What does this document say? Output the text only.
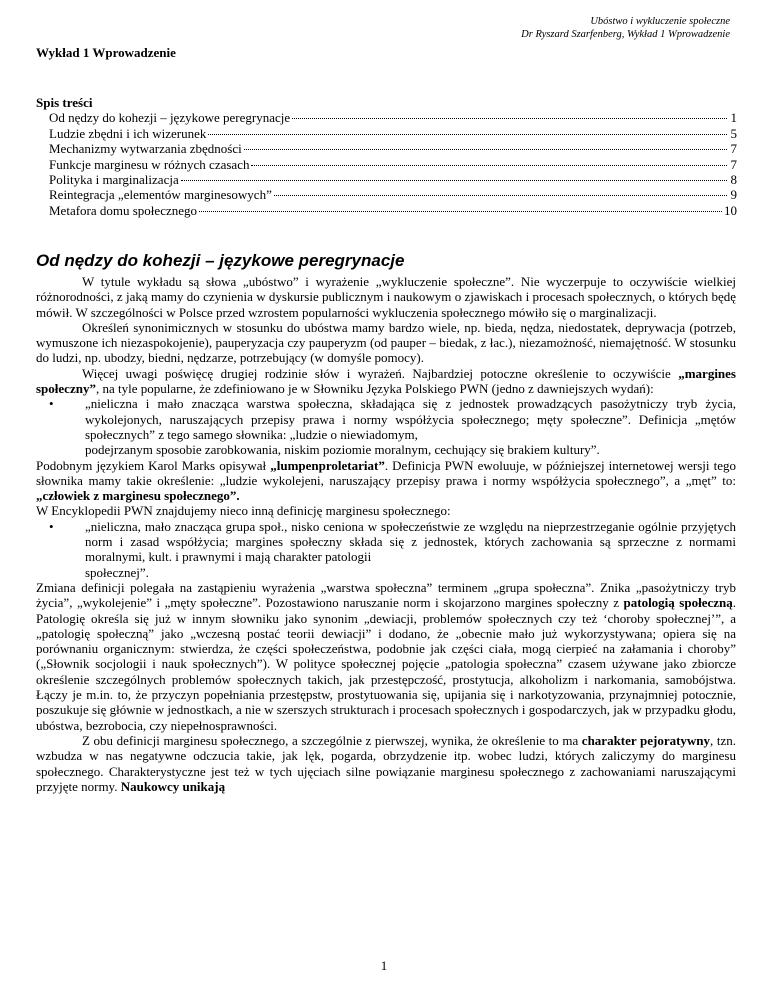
Ubóstwo i wykluczenie społeczne
Dr Ryszard Szarfenberg, Wykład 1 Wprowadzenie
Wykład 1 Wprowadzenie
Spis treści
Od nędzy do kohezji – językowe peregrynacje	1
Ludzie zbędni i ich wizerunek	5
Mechanizmy wytwarzania zbędności	7
Funkcje marginesu w różnych czasach	7
Polityka i marginalizacja	8
Reintegracja „elementów marginesowych”	9
Metafora domu społecznego	10
Od nędzy do kohezji – językowe peregrynacje

W tytule wykładu są słowa „ubóstwo” i wyrażenie „wykluczenie społeczne”. Nie wyczerpuje to oczywiście wielkiej różnorodności, z jaką mamy do czynienia w dyskursie publicznym i naukowym o zjawiskach i procesach społecznych, o których będę mówił. W szczególności w Polsce przed wzrostem popularności wykluczenia społecznego mówiło się o marginalizacji.

Określeń synonimicznych w stosunku do ubóstwa mamy bardzo wiele, np. bieda, nędza, niedostatek, deprywacja (potrzeb, wymuszone ich niezaspokojenie), pauperyzacja czy pauperyzm (od pauper – biedak, z łac.), niezamożność, niemajętność. W stosunku do ludzi, np. ubodzy, biedni, nędzarze, potrzebujący (w domyśle pomocy).

Więcej uwagi poświęcę drugiej rodzinie słów i wyrażeń. Najbardziej potoczne określenie to oczywiście „margines społeczny”, na tyle popularne, że zdefiniowano je w Słowniku Języka Polskiego PWN (jedno z dawniejszych wydań):

•	„nieliczna i mało znacząca warstwa społeczna, składająca się z jednostek prowadzących pasożytniczy tryb życia, wykolejonych, naruszających przepisy prawa i normy współżycia społecznego; męty społeczne”. Definicja „mętów społecznych” z tego samego słownika: „ludzie o niewiadomym,
podejrzanym sposobie zarobkowania, niskim poziomie moralnym, cechujący się brakiem kultury”.

Podobnym językiem Karol Marks opisywał „lumpenproletariat”. Definicja PWN ewoluuje, w późniejszej internetowej wersji tego słownika mamy takie określenie: „ludzie wykolejeni, naruszający przepisy prawa i normy współżycia społecznego”, a „męt” to: „człowiek z marginesu społecznego”.

W Encyklopedii PWN znajdujemy nieco inną definicję marginesu społecznego:

•	„nieliczna, mało znacząca grupa społ., nisko ceniona w społeczeństwie ze względu na nieprzestrzeganie ogólnie przyjętych norm i zasad współżycia; margines społeczny składa się z jednostek, których zachowania są sprzeczne z normami moralnymi, kult. i prawnymi i mają charakter patologii
społecznej”.

Zmiana definicji polegała na zastąpieniu wyrażenia „warstwa społeczna” terminem „grupa społeczna”. Znika „pasożytniczy tryb życia”, „wykolejenie” i „męty społeczne”. Pozostawiono naruszanie norm i skojarzono margines społeczny z patologią społeczną. Patologię określa się już w innym słowniku jako synonim „dewiacji, problemów społecznych czy też ‘choroby społecznej’”, a „patologię społeczną” jako „wczesną postać teorii dewiacji” i dodano, że „obecnie mało już wykorzystywana; opiera się na porównaniu organicznym: stwierdza, że części społeczeństwa, podobnie jak części ciała, mogą cierpieć na załamania i choroby” („Słownik socjologii i nauk społecznych”). W polityce społecznej pojęcie „patologia społeczna” czasem używane jako zbiorcze określenie szczególnych problemów społecznych takich, jak przestępczość, prostytucja, alkoholizm i narkomania, samobójstwa. Łączy je m.in. to, że przyczyn popełniania przestępstw, prostytuowania się, upijania się i narkotyzowania, przynajmniej potocznie, poszukuje się głównie w jednostkach, a nie w szerszych strukturach i procesach społecznych i gospodarczych, jak w przypadku głodu, ubóstwa, bezrobocia, czy niepełnosprawności.

Z obu definicji marginesu społecznego, a szczególnie z pierwszej, wynika, że określenie to ma charakter pejoratywny, tzn. wzbudza w nas negatywne odczucia takie, jak lęk, pogarda, obrzydzenie itp. wobec ludzi, których zaliczymy do marginesu społecznego. Charakterystyczne jest też w tych ujęciach silne powiązanie marginesu społecznego z zachowaniami naruszającymi przyjęte normy. Naukowcy unikają

1
